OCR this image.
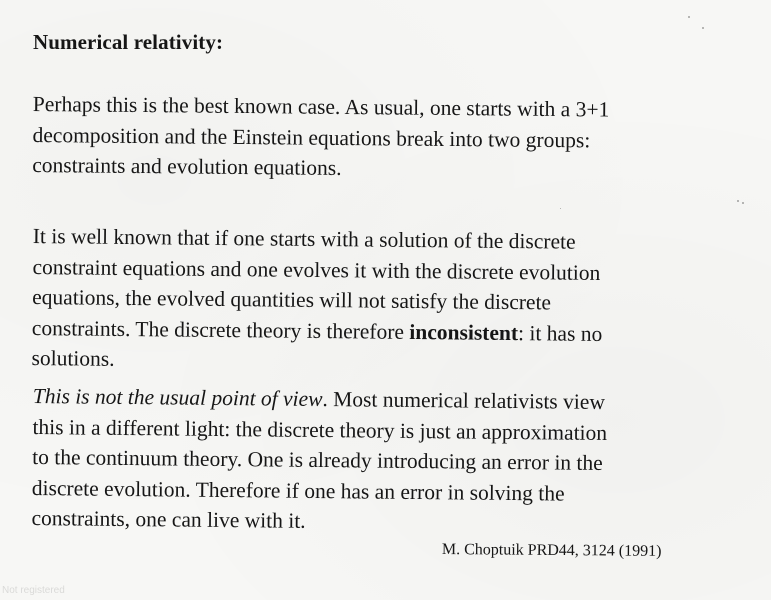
Numerical relativity:

Perhaps this is the best known case. As usual, one starts with a 3+1
decomposition and the Einstein equations break into two groups:
constraints and evolution equations.

It is well known that if one starts with a solution of the discrete
constraint equations and one evolves it with the discrete evolution
equations, the evolved quantities will not satisfy the discrete
constraints. The discrete theory is therefore inconsistent: it has no
solutions.

This is not the usual point of view. Most numerical relativists view
this in a different light: the discrete theory is just an approximation
to the continuum theory. One is already introducing an error in the
discrete evolution. Therefore if one has an error in solving the
constraints, one can live with it.

M. Choptuik PRD44, 3124 (1991)

Not registered
